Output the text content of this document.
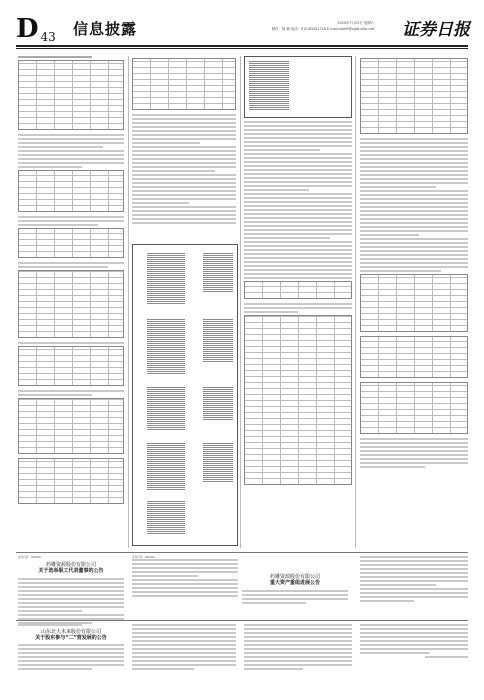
D 43 信息披露	2020年7月25日 星期六
制作：杨 楠 电话：010-83251716 E-mail:zqrb9@zqrb.sina.net 证券日报
证券代码：000002
药雕资源股份有限公司
关于选举职工代表董事的公告
证券代码：000002
药雕资源股份有限公司
重大资产重组进展公告
山东北大未来股份有限公司
关于股东参与“二”营发展的公告
